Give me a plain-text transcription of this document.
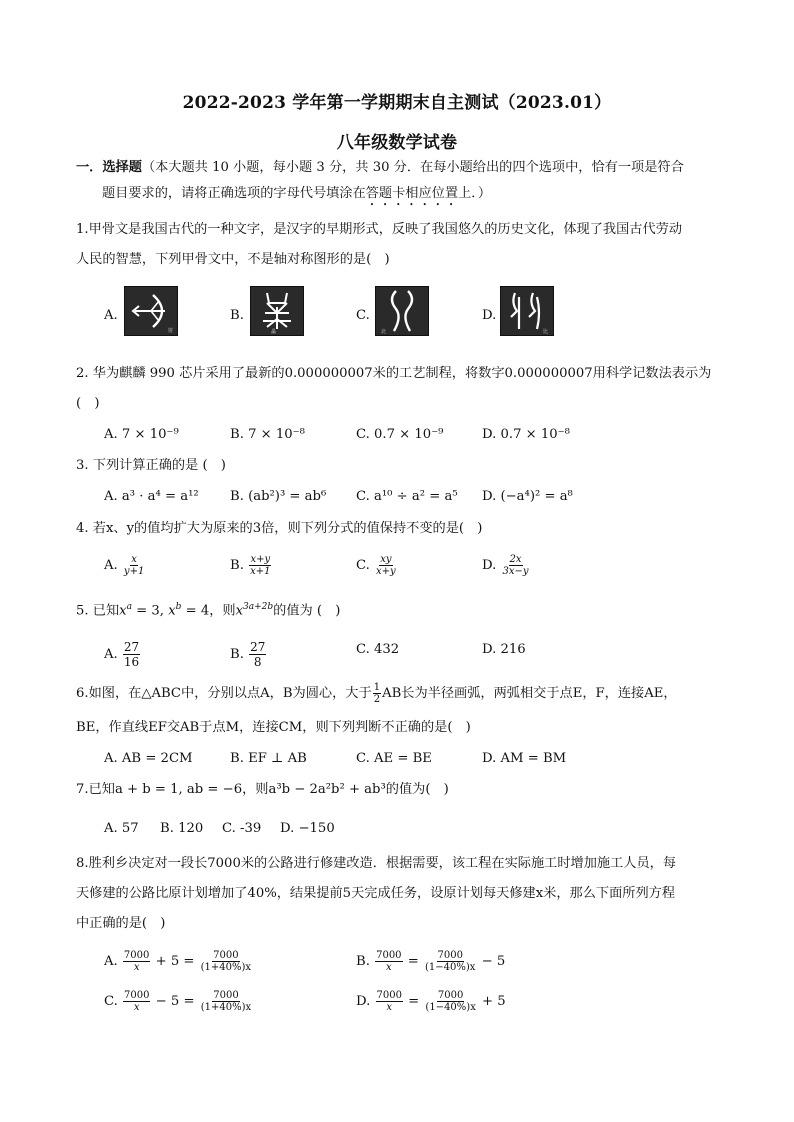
2022-2023 学年第一学期期末自主测试（2023.01）
八年级数学试卷
一．选择题（本大题共 10 小题，每小题 3 分，共 30 分．在每小题给出的四个选项中，恰有一项是符合
题目要求的，请将正确选项的字母代号填涂在答题卡相应位置上．）
1.甲骨文是我国古代的一种文字，是汉字的早期形式，反映了我国悠久的历史文化，体现了我国古代劳动
人民的智慧，下列甲骨文中，不是轴对称图形的是(　)
A.
射
B.
畾
C.
北
D.
比
2. 华为麒麟 990 芯片采用了最新的0.000000007米的工艺制程，将数字0.000000007用科学记数法表示为
(　)
A. 7 × 10⁻⁹	B. 7 × 10⁻⁸	C. 0.7 × 10⁻⁹	D. 0.7 × 10⁻⁸
3. 下列计算正确的是 (　)
A. a³ · a⁴ = a¹² B. (ab²)³ = ab⁶ C. a¹⁰ ÷ a² = a⁵ D. (−a⁴)² = a⁸
4. 若x、y的值均扩大为原来的3倍，则下列分式的值保持不变的是(　)
A. $\frac{x}{y+1}$	B. $\frac{x+y}{x+1}$	C. $\frac{xy}{x+y}$	D. $\frac{2x}{3x-y}$
5. 已知$x^a = 3$, $x^b = 4$，则$x^{3a+2b}$的值为 (　)
A. $\frac{27}{16}$	B. $\frac{27}{8}$	C. 432	D. 216
6.如图，在△ABC中，分别以点A，B为圆心，大于 $\frac{1}{2}$ AB长为半径画弧，两弧相交于点E，F，连接AE，
BE，作直线EF交AB于点M，连接CM，则下列判断不正确的是(　)
A. AB = 2CM	B. EF ⊥ AB	C. AE = BE	D. AM = BM
7.已知a + b = 1, ab = −6，则a³b − 2a²b² + ab³的值为(　)
A. 57 B. 120 C. -39 D. −150
8.胜利乡决定对一段长7000米的公路进行修建改造．根据需要，该工程在实际施工时增加施工人员，每
天修建的公路比原计划增加了40%，结果提前5天完成任务，设原计划每天修建x米，那么下面所列方程
中正确的是(　)
A. $\frac{7000}{x} + 5 = \frac{7000}{(1+40\%)x}$	B. $\frac{7000}{x} = \frac{7000}{(1-40\%)x} - 5$
C. $\frac{7000}{x} - 5 = \frac{7000}{(1+40\%)x}$	D. $\frac{7000}{x} = \frac{7000}{(1-40\%)x} + 5$
